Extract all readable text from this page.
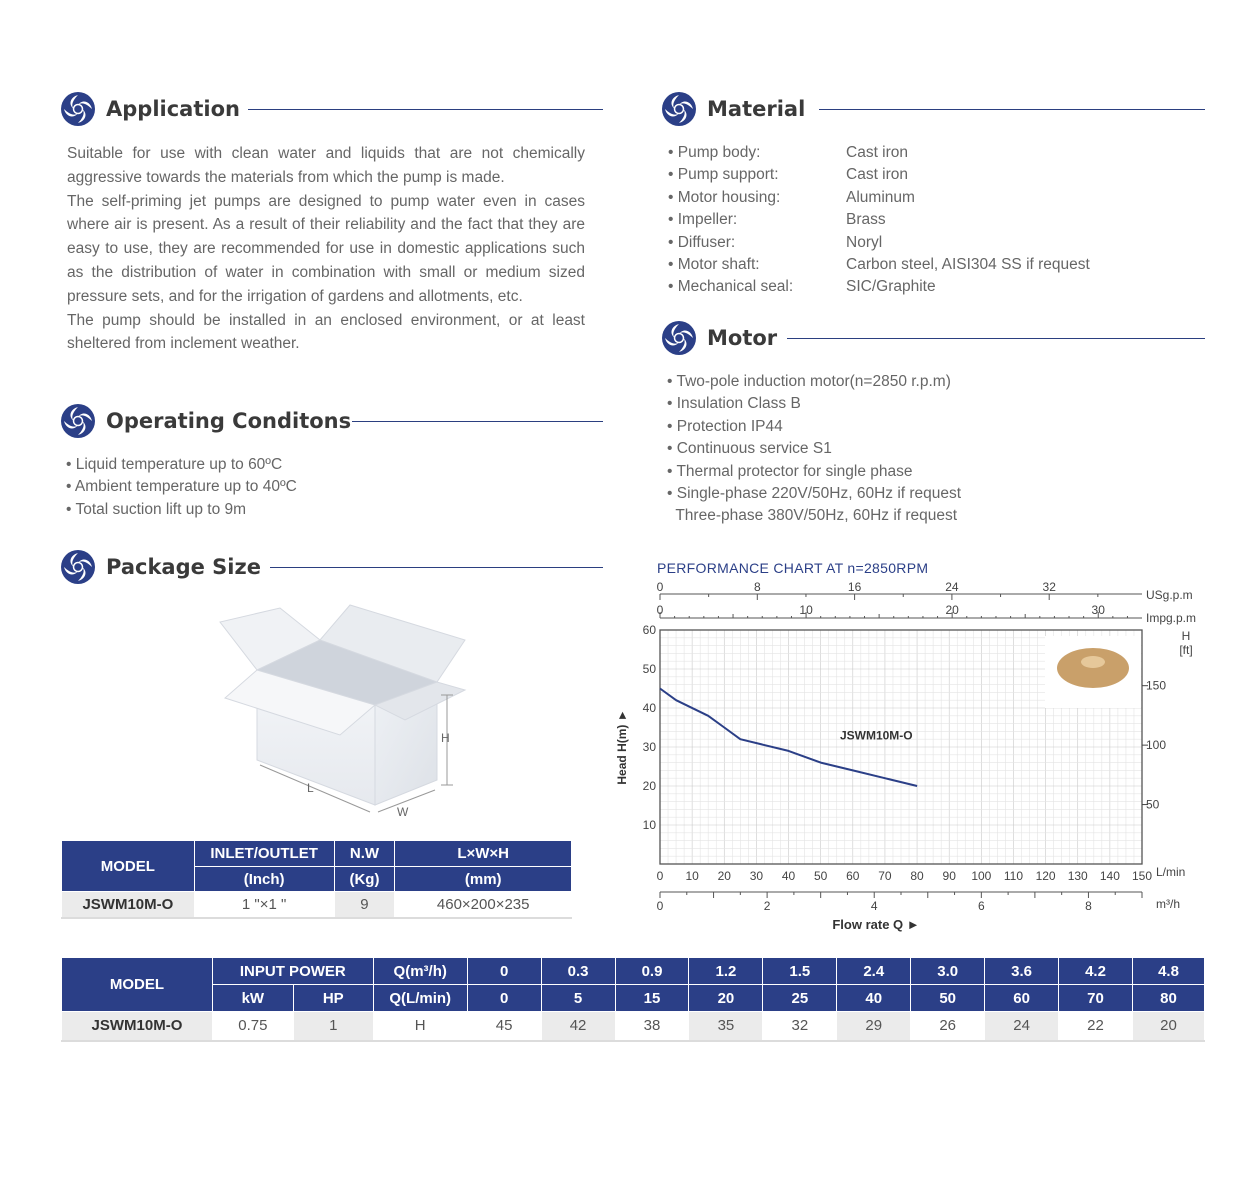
Application

Suitable for use with clean water and liquids that are not chemically aggressive towards the materials from which the pump is made.

The self-priming jet pumps are designed to pump water even in cases where air is present. As a result of their reliability and the fact that they are easy to use, they are recommended for use in domestic applications such as the distribution of water in combination with small or medium sized pressure sets, and for the irrigation of gardens and allotments, etc.

The pump should be installed in an enclosed environment, or at least sheltered from inclement weather.

Material
• Pump body:	Cast iron
• Pump support:	Cast iron
• Motor housing:	Aluminum
• Impeller:	Brass
• Diffuser:	Noryl
• Motor shaft:	Carbon steel, AISI304 SS if request
• Mechanical seal:	SIC/Graphite
Motor
• Two-pole induction motor(n=2850 r.p.m)
• Insulation Class B
• Protection IP44
• Continuous service S1
• Thermal protector for single phase
• Single-phase 220V/50Hz, 60Hz if request
Three-phase 380V/50Hz, 60Hz if request
Operating Conditons
• Liquid temperature up to 60ºC
• Ambient temperature up to 40ºC
• Total suction lift up to 9m
Package Size
H
L
W
MODEL	INLET/OUTLET	N.W	L×W×H
	(Inch)	(Kg)	(mm)
JSWM10M-O	1 "×1 "	9	460×200×235
PERFORMANCE CHART AT n=2850RPM
10
20
30
40
50
60
Head H(m) ►
50
100
150
H
[ft]
0 10 20 30 40 50 60 70 80 90 100 110 120 130 140 150 L/min
0	2	4	6	8	m³/h
Flow rate Q ►
0	10	20	30
Impg.p.m
0	8	16	24	32
USg.p.m
JSWM10M-O
MODEL	INPUT POWER		Q(m³/h)	0	0.3	0.9	1.2	1.5	2.4	3.0	3.6	4.2	4.8
	kW	HP	Q(L/min)	0	5	15	20	25	40	50	60	70	80
JSWM10M-O	0.75	1	H	45	42	38	35	32	29	26	24	22	20
